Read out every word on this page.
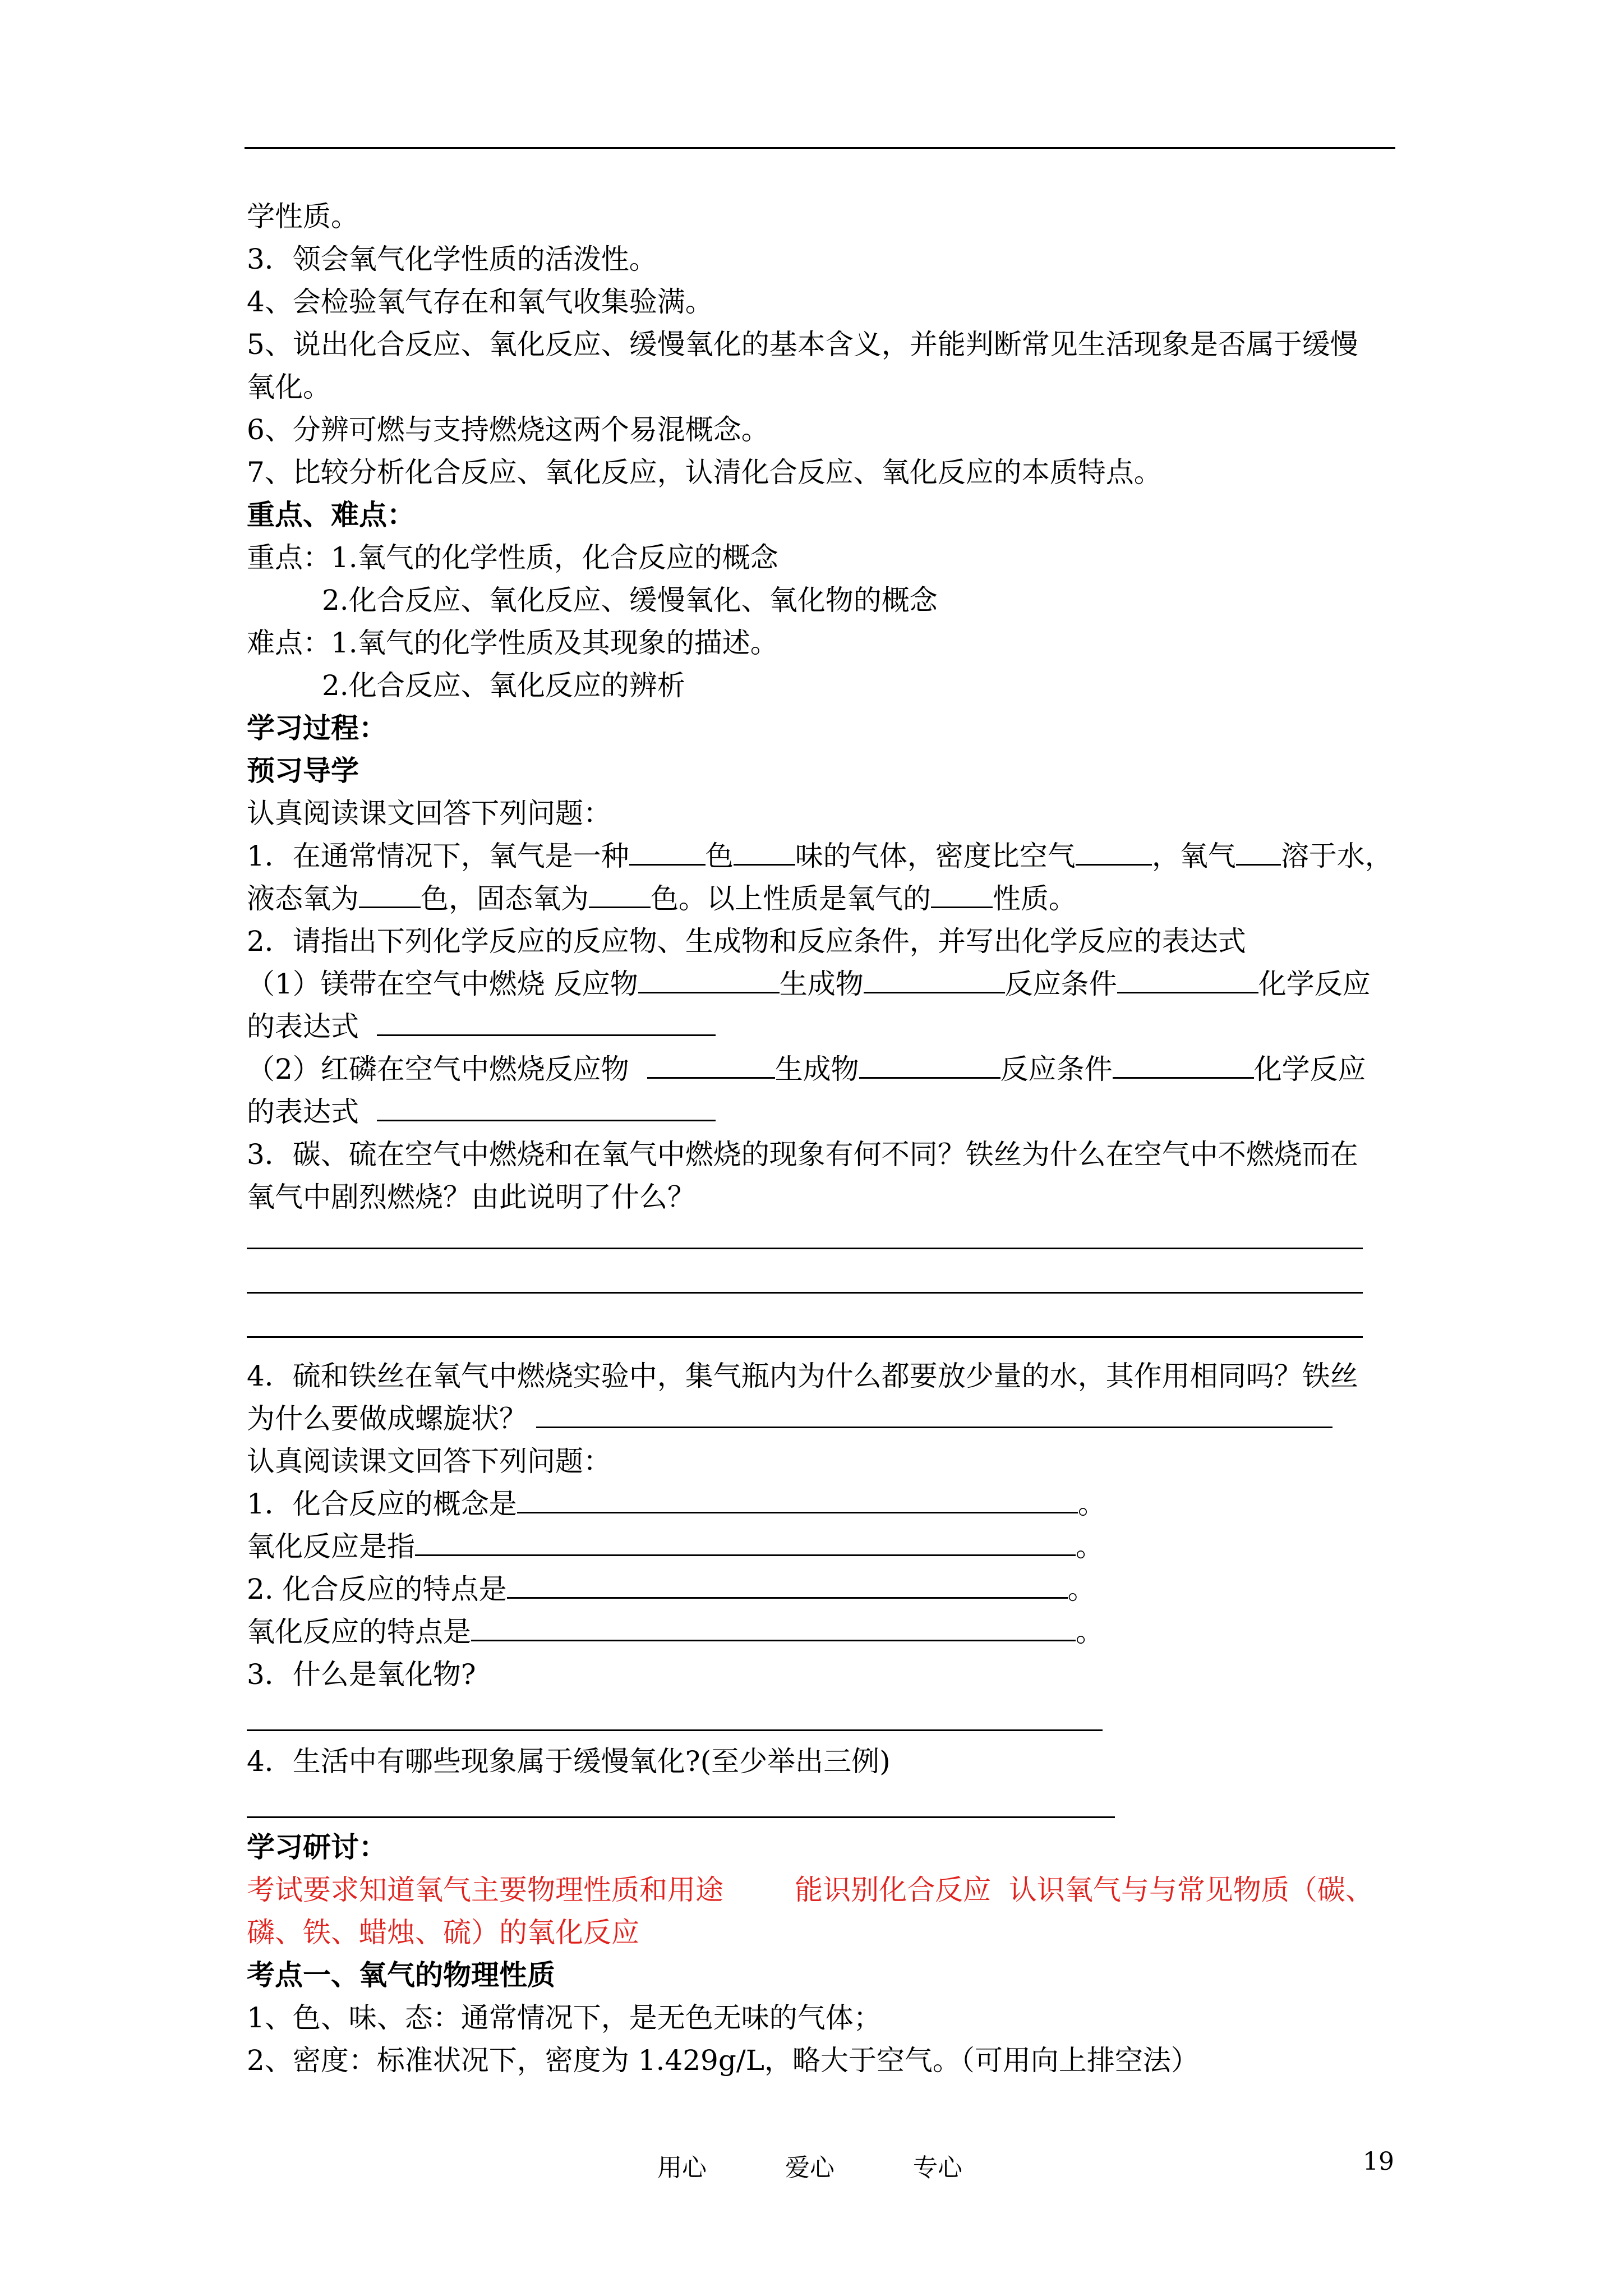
学性质。
3．领会氧气化学性质的活泼性。
4、会检验氧气存在和氧气收集验满。
5、说出化合反应、氧化反应、缓慢氧化的基本含义，并能判断常见生活现象是否属于缓慢
氧化。
6、分辨可燃与支持燃烧这两个易混概念。
7、比较分析化合反应、氧化反应，认清化合反应、氧化反应的本质特点。
重点、难点：
重点：1.氧气的化学性质，化合反应的概念
2.化合反应、氧化反应、缓慢氧化、氧化物的概念
难点：1.氧气的化学性质及其现象的描述。
2.化合反应、氧化反应的辨析
学习过程：
预习导学
认真阅读课文回答下列问题：
1．在通常情况下，氧气是一种	色 味的气体，密度比空气	，氧气 溶于水，
液态氧为 色，固态氧为 色。以上性质是氧气的 性质。
2．请指出下列化学反应的反应物、生成物和反应条件，并写出化学反应的表达式
（1）镁带在空气中燃烧 反应物	生成物	反应条件	化学反应
的表达式
（2）红磷在空气中燃烧反应物	生成物	反应条件	化学反应
的表达式
3．碳、硫在空气中燃烧和在氧气中燃烧的现象有何不同？铁丝为什么在空气中不燃烧而在
氧气中剧烈燃烧？由此说明了什么？
4．硫和铁丝在氧气中燃烧实验中，集气瓶内为什么都要放少量的水，其作用相同吗？铁丝
为什么要做成螺旋状？
认真阅读课文回答下列问题：
1．化合反应的概念是	。
氧化反应是指	。
2. 化合反应的特点是	。
氧化反应的特点是	。
3．什么是氧化物?
4．生活中有哪些现象属于缓慢氧化?(至少举出三例)
学习研讨：
考试要求知道氧气主要物理性质和用途        能识别化合反应  认识氧气与与常见物质（碳、
磷、铁、蜡烛、硫）的氧化反应
考点一、氧气的物理性质
1、色、味、态：通常情况下，是无色无味的气体；
2、密度：标准状况下，密度为 1.429g/L，略大于空气。（可用向上排空法）
用心	爱心	专心	19
